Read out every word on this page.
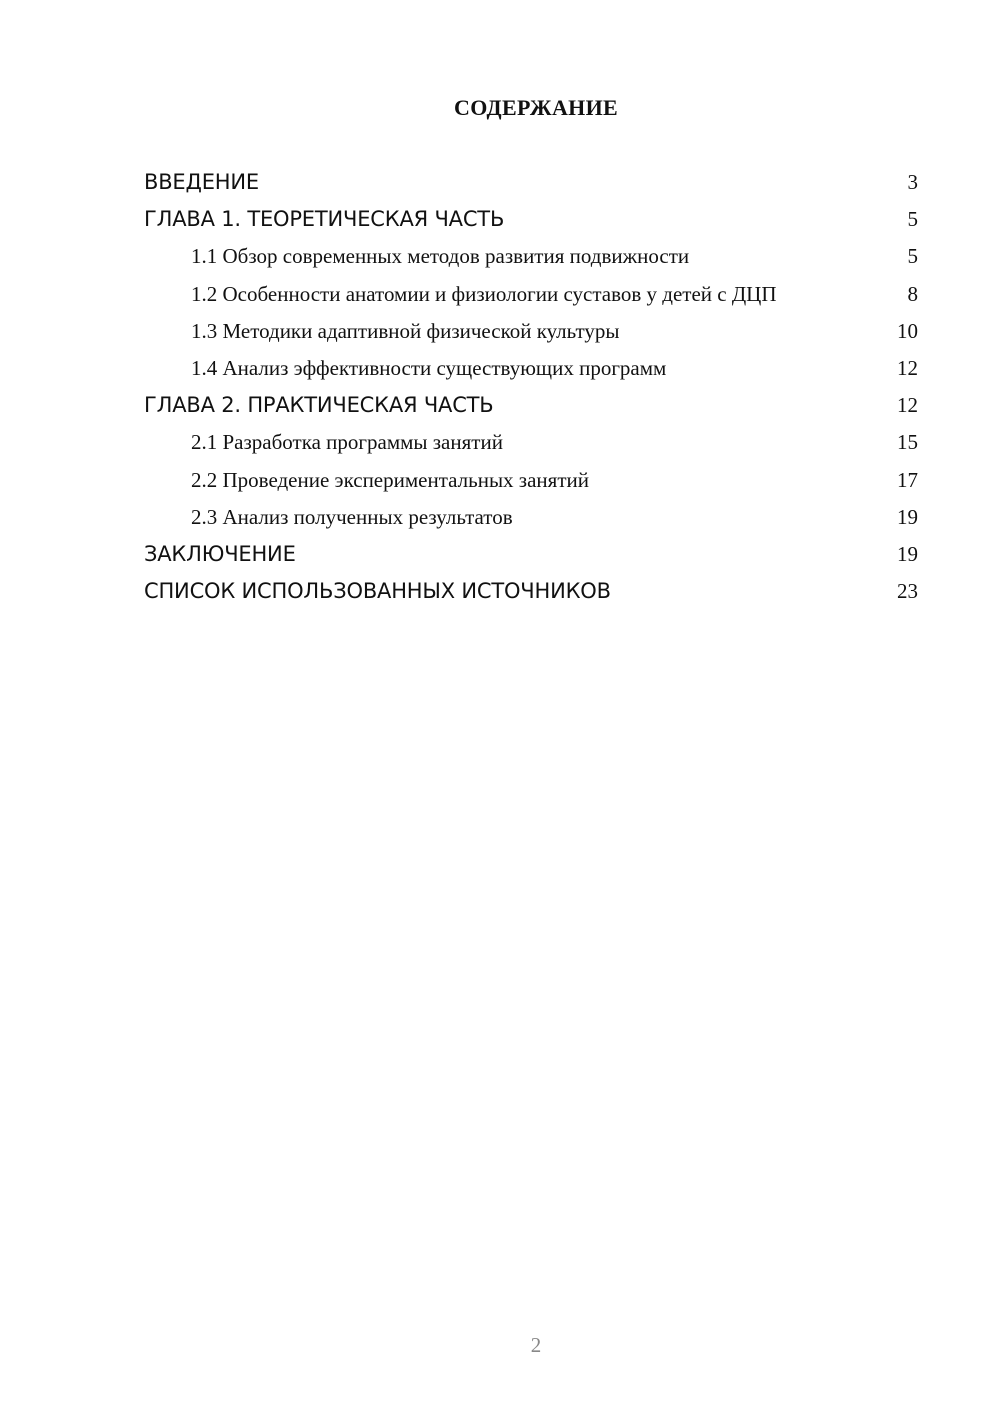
СОДЕРЖАНИЕ
ВВЕДЕНИЕ	3
ГЛАВА 1. ТЕОРЕТИЧЕСКАЯ ЧАСТЬ	5
1.1 Обзор современных методов развития подвижности	5
1.2 Особенности анатомии и физиологии суставов у детей с ДЦП	8
1.3 Методики адаптивной физической культуры	10
1.4 Анализ эффективности существующих программ	12
ГЛАВА 2. ПРАКТИЧЕСКАЯ ЧАСТЬ	12
2.1 Разработка программы занятий	15
2.2 Проведение экспериментальных занятий	17
2.3 Анализ полученных результатов	19
ЗАКЛЮЧЕНИЕ	19
СПИСОК ИСПОЛЬЗОВАННЫХ ИСТОЧНИКОВ	23
2
